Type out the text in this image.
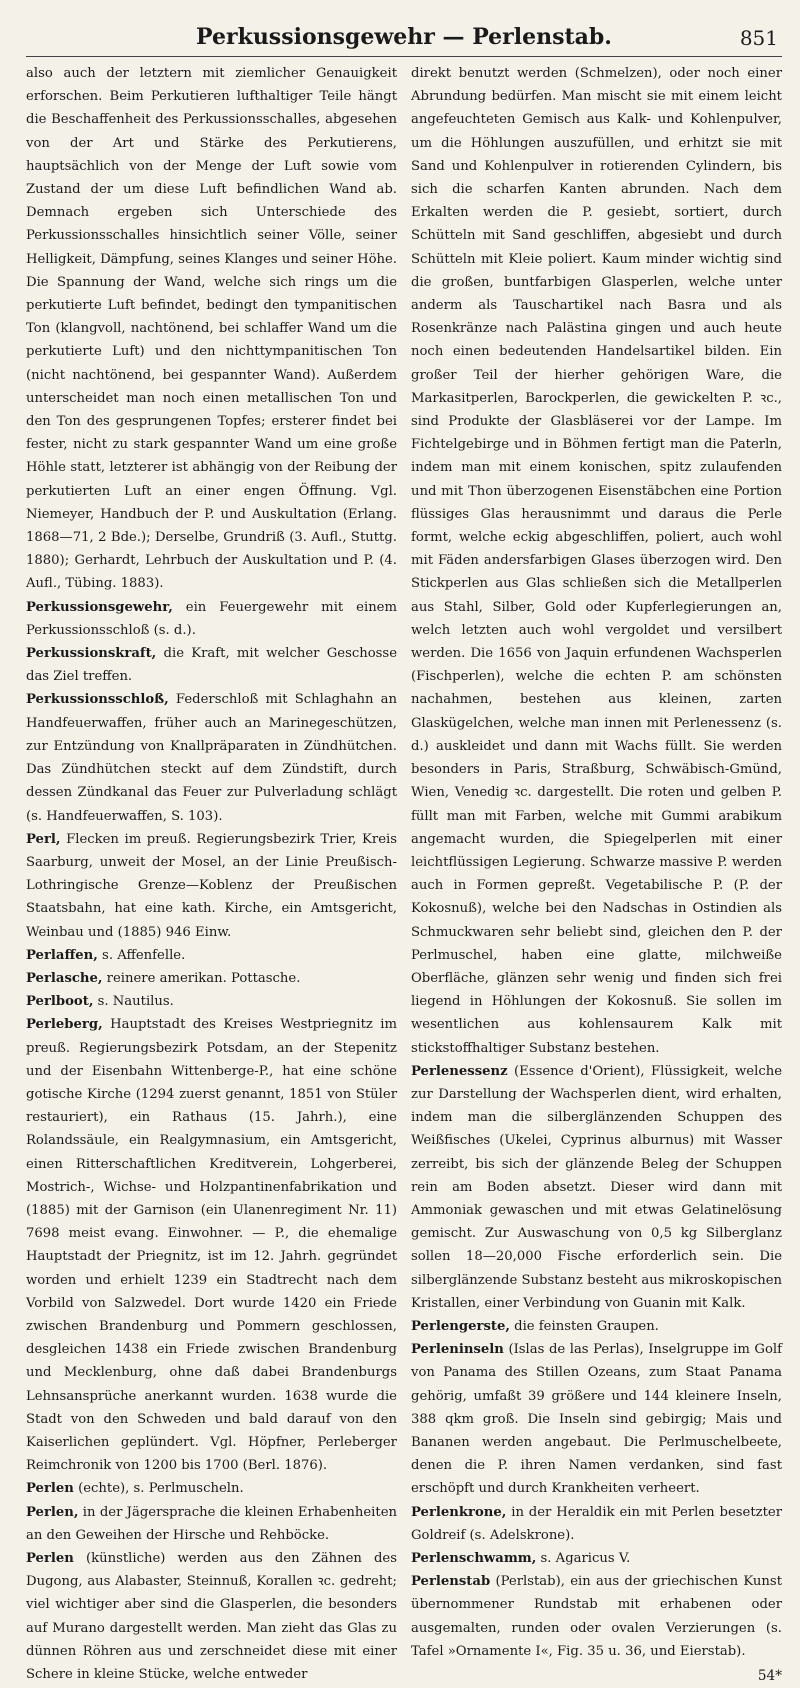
Perkussionsgewehr — Perlenstab.	851

also auch der letztern mit ziemlicher Genauigkeit erforschen. Beim Perkutieren lufthaltiger Teile hängt die Beschaffenheit des Perkussionsschalles, abgesehen von der Art und Stärke des Perkutierens, hauptsächlich von der Menge der Luft sowie vom Zustand der um diese Luft befindlichen Wand ab. Demnach ergeben sich Unterschiede des Perkussionsschalles hinsichtlich seiner Völle, seiner Helligkeit, Dämpfung, seines Klanges und seiner Höhe. Die Spannung der Wand, welche sich rings um die perkutierte Luft befindet, bedingt den tympanitischen Ton (klangvoll, nachtönend, bei schlaffer Wand um die perkutierte Luft) und den nichttympanitischen Ton (nicht nachtönend, bei gespannter Wand). Außerdem unterscheidet man noch einen metallischen Ton und den Ton des gesprungenen Topfes; ersterer findet bei fester, nicht zu stark gespannter Wand um eine große Höhle statt, letzterer ist abhängig von der Reibung der perkutierten Luft an einer engen Öffnung. Vgl. Niemeyer, Handbuch der P. und Auskultation (Erlang. 1868—71, 2 Bde.); Derselbe, Grundriß (3. Aufl., Stuttg. 1880); Gerhardt, Lehrbuch der Auskultation und P. (4. Aufl., Tübing. 1883).

Perkussionsgewehr, ein Feuergewehr mit einem Perkussionsschloß (s. d.).

Perkussionskraft, die Kraft, mit welcher Geschosse das Ziel treffen.

Perkussionsschloß, Federschloß mit Schlaghahn an Handfeuerwaffen, früher auch an Marinegeschützen, zur Entzündung von Knallpräparaten in Zündhütchen. Das Zündhütchen steckt auf dem Zündstift, durch dessen Zündkanal das Feuer zur Pulverladung schlägt (s. Handfeuerwaffen, S. 103).

Perl, Flecken im preuß. Regierungsbezirk Trier, Kreis Saarburg, unweit der Mosel, an der Linie Preußisch-Lothringische Grenze—Koblenz der Preußischen Staatsbahn, hat eine kath. Kirche, ein Amtsgericht, Weinbau und (1885) 946 Einw.

Perlaffen, s. Affenfelle.

Perlasche, reinere amerikan. Pottasche.

Perlboot, s. Nautilus.

Perleberg, Hauptstadt des Kreises Westpriegnitz im preuß. Regierungsbezirk Potsdam, an der Stepenitz und der Eisenbahn Wittenberge-P., hat eine schöne gotische Kirche (1294 zuerst genannt, 1851 von Stüler restauriert), ein Rathaus (15. Jahrh.), eine Rolandssäule, ein Realgymnasium, ein Amtsgericht, einen Ritterschaftlichen Kreditverein, Lohgerberei, Mostrich-, Wichse- und Holzpantinenfabrikation und (1885) mit der Garnison (ein Ulanenregiment Nr. 11) 7698 meist evang. Einwohner. — P., die ehemalige Hauptstadt der Priegnitz, ist im 12. Jahrh. gegründet worden und erhielt 1239 ein Stadtrecht nach dem Vorbild von Salzwedel. Dort wurde 1420 ein Friede zwischen Brandenburg und Pommern geschlossen, desgleichen 1438 ein Friede zwischen Brandenburg und Mecklenburg, ohne daß dabei Brandenburgs Lehnsansprüche anerkannt wurden. 1638 wurde die Stadt von den Schweden und bald darauf von den Kaiserlichen geplündert. Vgl. Höpfner, Perleberger Reimchronik von 1200 bis 1700 (Berl. 1876).

Perlen (echte), s. Perlmuscheln.

Perlen, in der Jägersprache die kleinen Erhabenheiten an den Geweihen der Hirsche und Rehböcke.

Perlen (künstliche) werden aus den Zähnen des Dugong, aus Alabaster, Steinnuß, Korallen ꝛc. gedreht; viel wichtiger aber sind die Glasperlen, die besonders auf Murano dargestellt werden. Man zieht das Glas zu dünnen Röhren aus und zerschneidet diese mit einer Schere in kleine Stücke, welche entweder

direkt benutzt werden (Schmelzen), oder noch einer Abrundung bedürfen. Man mischt sie mit einem leicht angefeuchteten Gemisch aus Kalk- und Kohlenpulver, um die Höhlungen auszufüllen, und erhitzt sie mit Sand und Kohlenpulver in rotierenden Cylindern, bis sich die scharfen Kanten abrunden. Nach dem Erkalten werden die P. gesiebt, sortiert, durch Schütteln mit Sand geschliffen, abgesiebt und durch Schütteln mit Kleie poliert. Kaum minder wichtig sind die großen, buntfarbigen Glasperlen, welche unter anderm als Tauschartikel nach Basra und als Rosenkränze nach Palästina gingen und auch heute noch einen bedeutenden Handelsartikel bilden. Ein großer Teil der hierher gehörigen Ware, die Markasitperlen, Barockperlen, die gewickelten P. ꝛc., sind Produkte der Glasbläserei vor der Lampe. Im Fichtelgebirge und in Böhmen fertigt man die Paterln, indem man mit einem konischen, spitz zulaufenden und mit Thon überzogenen Eisenstäbchen eine Portion flüssiges Glas herausnimmt und daraus die Perle formt, welche eckig abgeschliffen, poliert, auch wohl mit Fäden andersfarbigen Glases überzogen wird. Den Stickperlen aus Glas schließen sich die Metallperlen aus Stahl, Silber, Gold oder Kupferlegierungen an, welch letzten auch wohl vergoldet und versilbert werden. Die 1656 von Jaquin erfundenen Wachsperlen (Fischperlen), welche die echten P. am schönsten nachahmen, bestehen aus kleinen, zarten Glaskügelchen, welche man innen mit Perlenessenz (s. d.) auskleidet und dann mit Wachs füllt. Sie werden besonders in Paris, Straßburg, Schwäbisch-Gmünd, Wien, Venedig ꝛc. dargestellt. Die roten und gelben P. füllt man mit Farben, welche mit Gummi arabikum angemacht wurden, die Spiegelperlen mit einer leichtflüssigen Legierung. Schwarze massive P. werden auch in Formen gepreßt. Vegetabilische P. (P. der Kokosnuß), welche bei den Nadschas in Ostindien als Schmuckwaren sehr beliebt sind, gleichen den P. der Perlmuschel, haben eine glatte, milchweiße Oberfläche, glänzen sehr wenig und finden sich frei liegend in Höhlungen der Kokosnuß. Sie sollen im wesentlichen aus kohlensaurem Kalk mit stickstoffhaltiger Substanz bestehen.

Perlenessenz (Essence d'Orient), Flüssigkeit, welche zur Darstellung der Wachsperlen dient, wird erhalten, indem man die silberglänzenden Schuppen des Weißfisches (Ukelei, Cyprinus alburnus) mit Wasser zerreibt, bis sich der glänzende Beleg der Schuppen rein am Boden absetzt. Dieser wird dann mit Ammoniak gewaschen und mit etwas Gelatinelösung gemischt. Zur Auswaschung von 0,5 kg Silberglanz sollen 18—20,000 Fische erforderlich sein. Die silberglänzende Substanz besteht aus mikroskopischen Kristallen, einer Verbindung von Guanin mit Kalk.

Perlengerste, die feinsten Graupen.

Perleninseln (Islas de las Perlas), Inselgruppe im Golf von Panama des Stillen Ozeans, zum Staat Panama gehörig, umfaßt 39 größere und 144 kleinere Inseln, 388 qkm groß. Die Inseln sind gebirgig; Mais und Bananen werden angebaut. Die Perlmuschelbeete, denen die P. ihren Namen verdanken, sind fast erschöpft und durch Krankheiten verheert.

Perlenkrone, in der Heraldik ein mit Perlen besetzter Goldreif (s. Adelskrone).

Perlenschwamm, s. Agaricus V.

Perlenstab (Perlstab), ein aus der griechischen Kunst übernommener Rundstab mit erhabenen oder ausgemalten, runden oder ovalen Verzierungen (s. Tafel »Ornamente I«, Fig. 35 u. 36, und Eierstab).

54*
